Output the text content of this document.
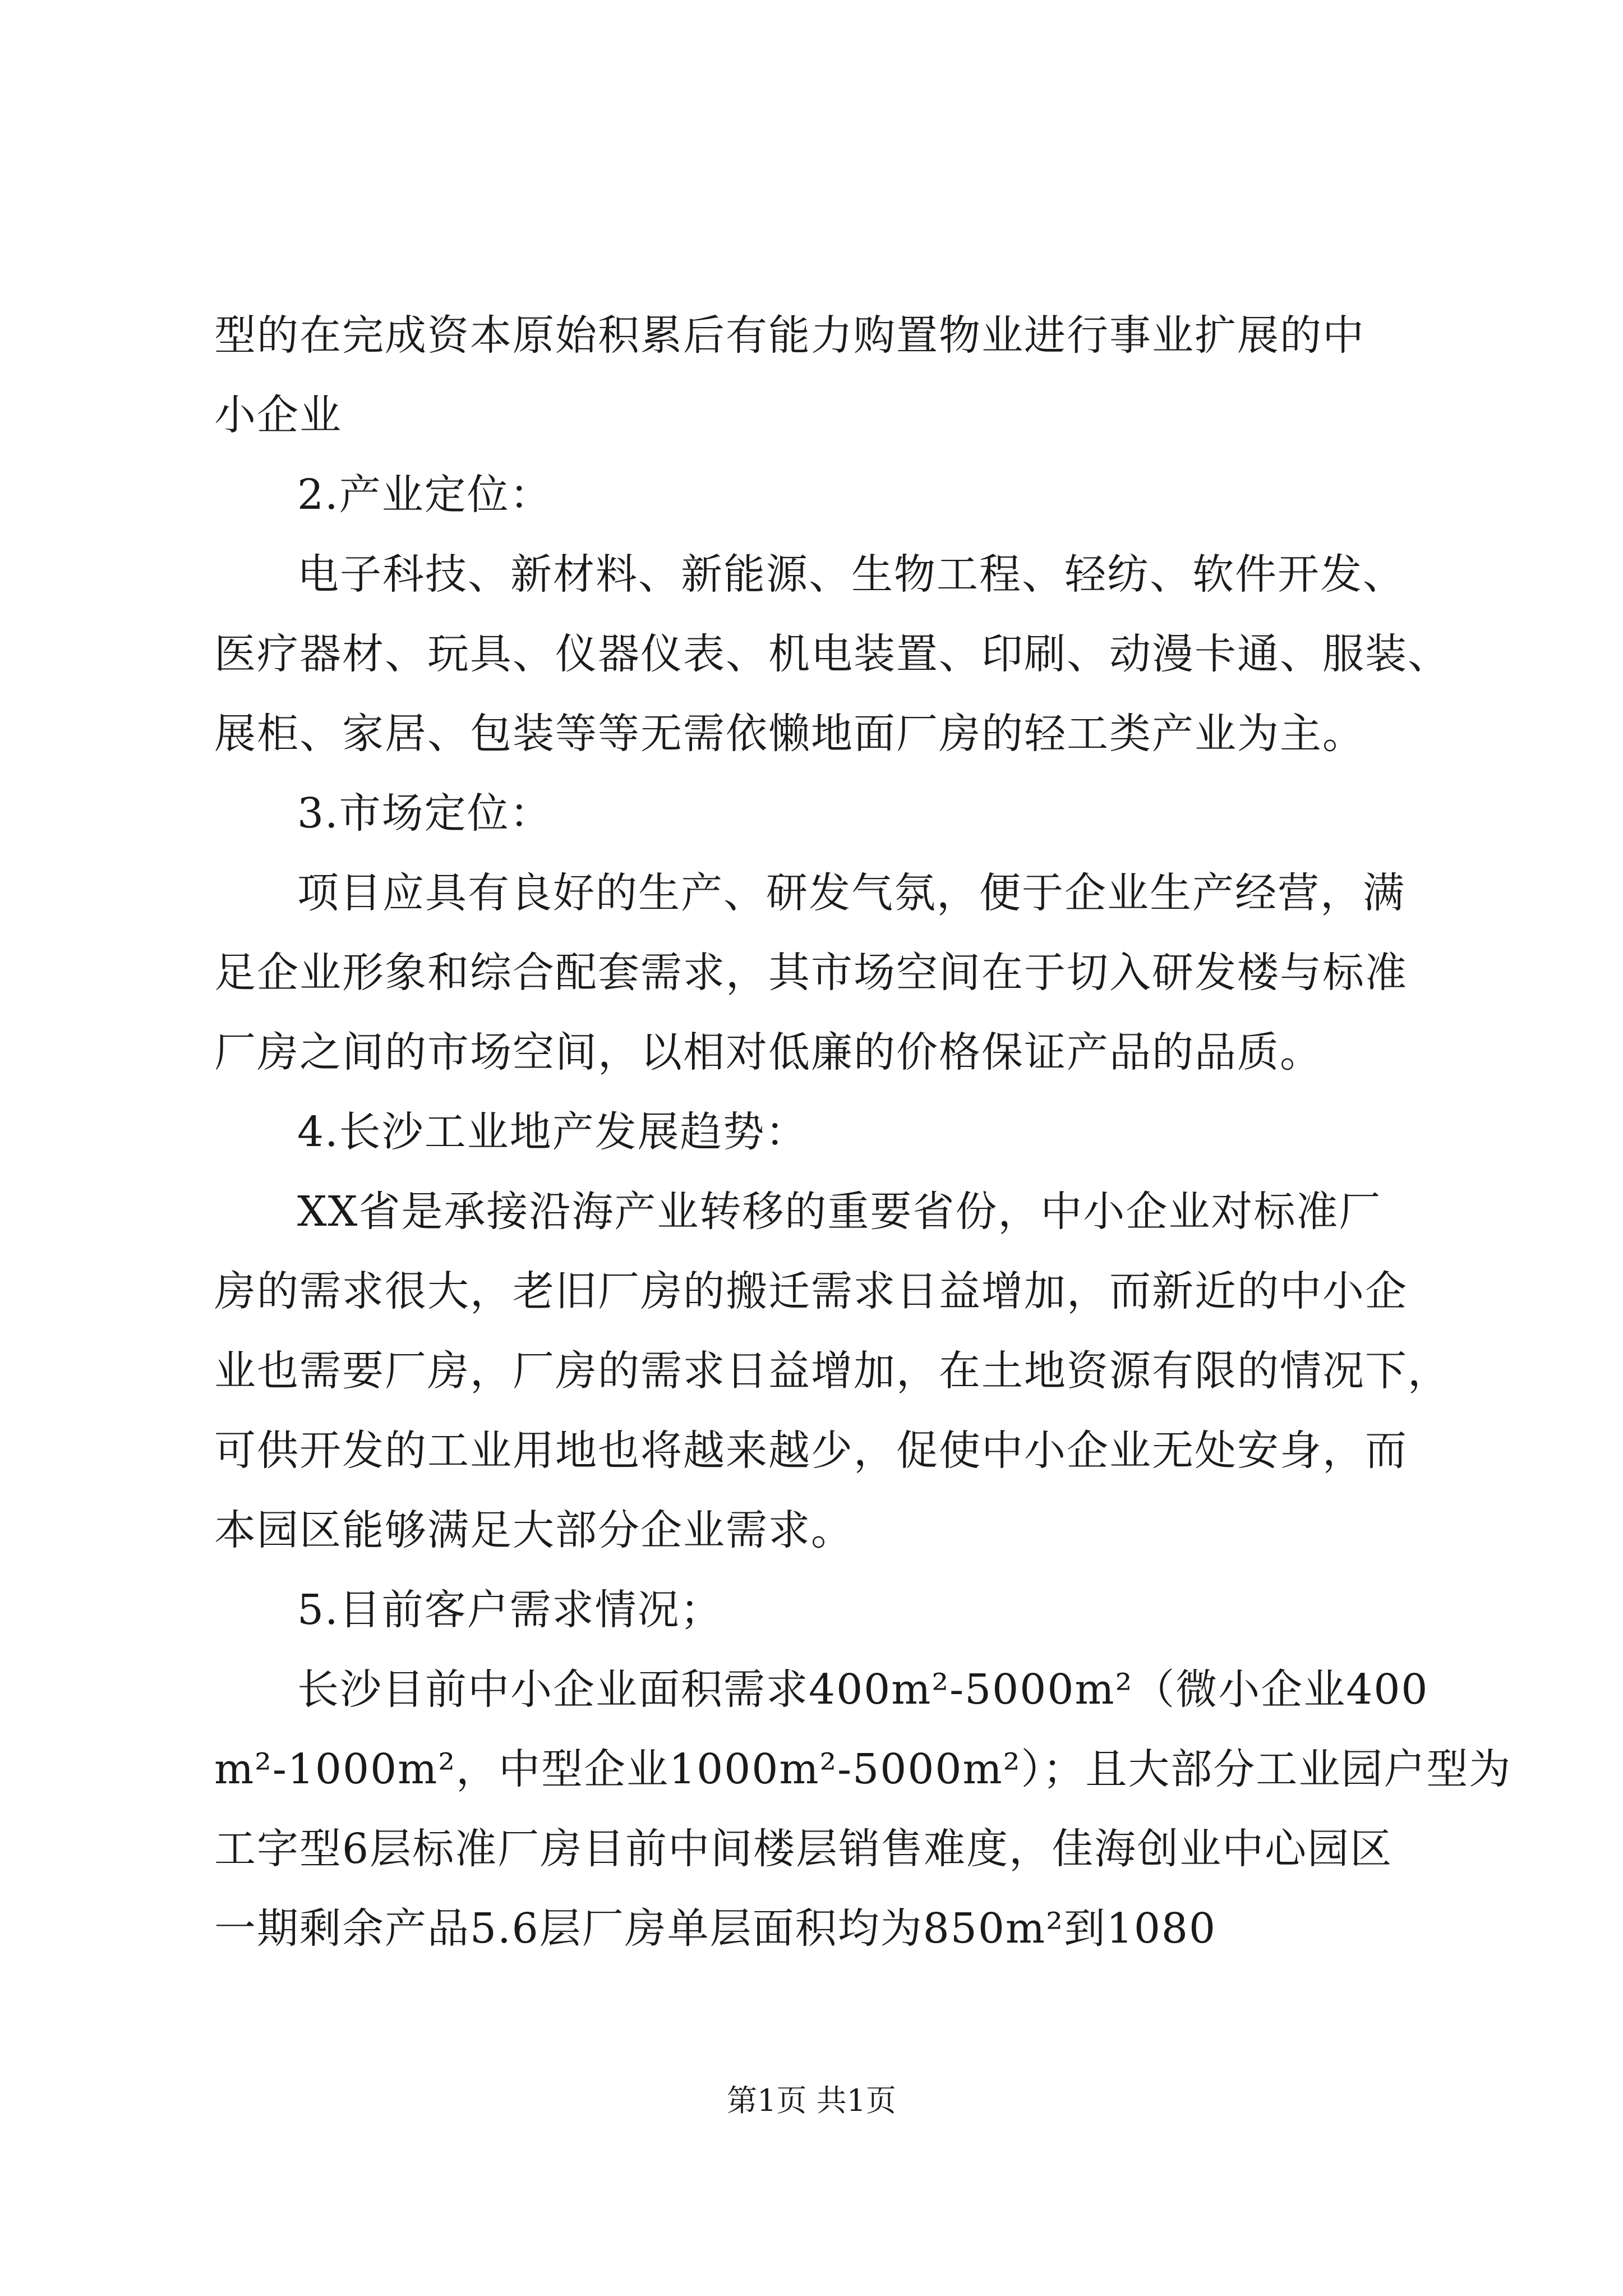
型的在完成资本原始积累后有能力购置物业进行事业扩展的中
小企业
2.产业定位：
电子科技、新材料、新能源、生物工程、轻纺、软件开发、
医疗器材、玩具、仪器仪表、机电装置、印刷、动漫卡通、服装、
展柜、家居、包装等等无需依懒地面厂房的轻工类产业为主。
3.市场定位：
项目应具有良好的生产、研发气氛，便于企业生产经营，满
足企业形象和综合配套需求，其市场空间在于切入研发楼与标准
厂房之间的市场空间，以相对低廉的价格保证产品的品质。
4.长沙工业地产发展趋势：
XX省是承接沿海产业转移的重要省份，中小企业对标准厂
房的需求很大，老旧厂房的搬迁需求日益增加，而新近的中小企
业也需要厂房，厂房的需求日益增加，在土地资源有限的情况下，
可供开发的工业用地也将越来越少，促使中小企业无处安身，而
本园区能够满足大部分企业需求。
5.目前客户需求情况；
长沙目前中小企业面积需求400m²-5000m²（微小企业400
m²-1000m²，中型企业1000m²-5000m²）；且大部分工业园户型为
工字型6层标准厂房目前中间楼层销售难度，佳海创业中心园区
一期剩余产品5.6层厂房单层面积均为850m²到1080
第1页 共1页
